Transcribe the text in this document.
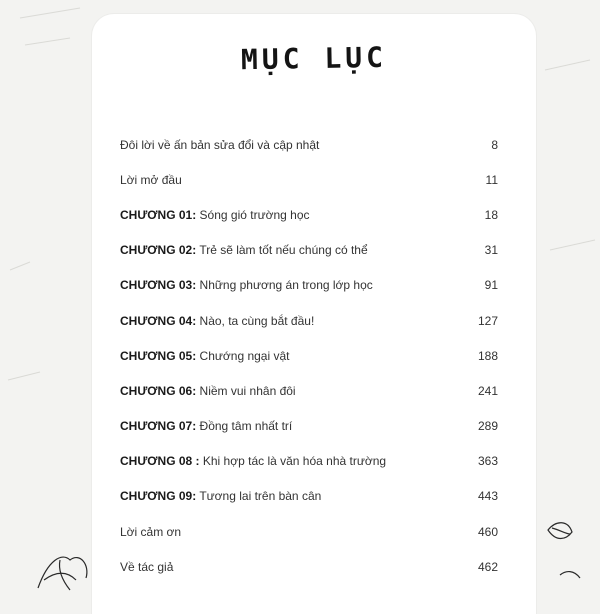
MỤC LỤC
Đôi lời về ấn bản sửa đổi và cập nhật	8
Lời mở đầu	11
CHƯƠNG 01: Sóng gió trường học	18
CHƯƠNG 02: Trẻ sẽ làm tốt nếu chúng có thể	31
CHƯƠNG 03: Những phương án trong lớp học	91
CHƯƠNG 04: Nào, ta cùng bắt đầu!	127
CHƯƠNG 05: Chướng ngại vật	188
CHƯƠNG 06: Niềm vui nhân đôi	241
CHƯƠNG 07: Đồng tâm nhất trí	289
CHƯƠNG 08 : Khi hợp tác là văn hóa nhà trường	363
CHƯƠNG 09: Tương lai trên bàn cân	443
Lời cảm ơn	460
Về tác giả	462
